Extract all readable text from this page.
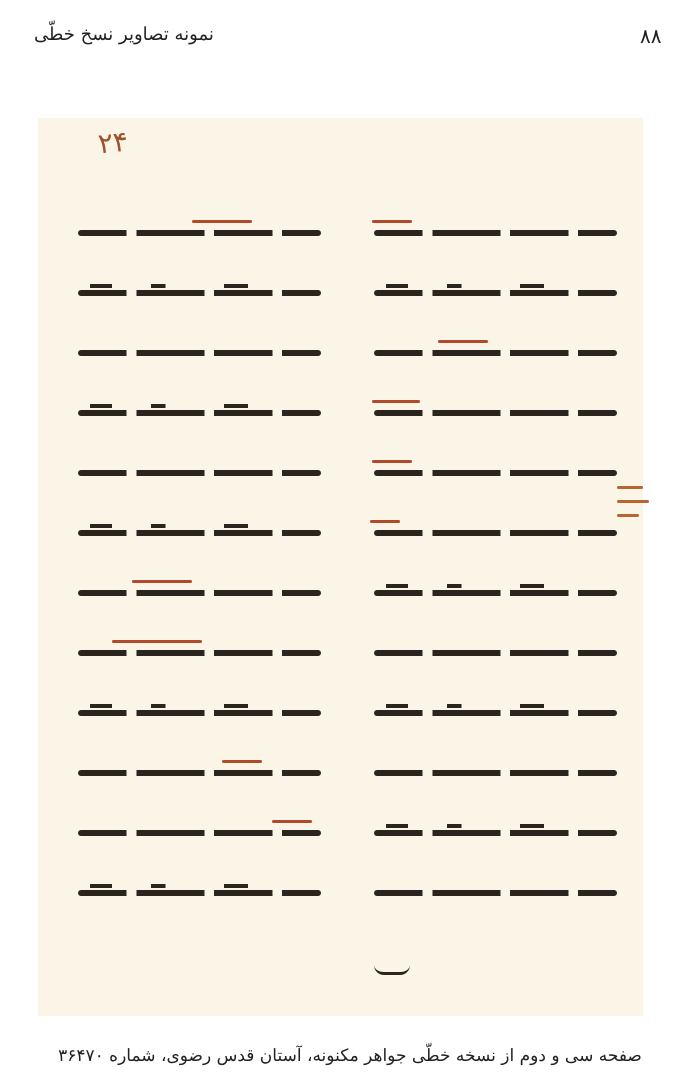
۸۸
نمونه تصاویر نسخ خطّی
۲۴
صفحه سی و دوم از نسخه خطّی جواهر مکنونه، آستان قدس رضوی، شماره ۳۶۴۷۰
